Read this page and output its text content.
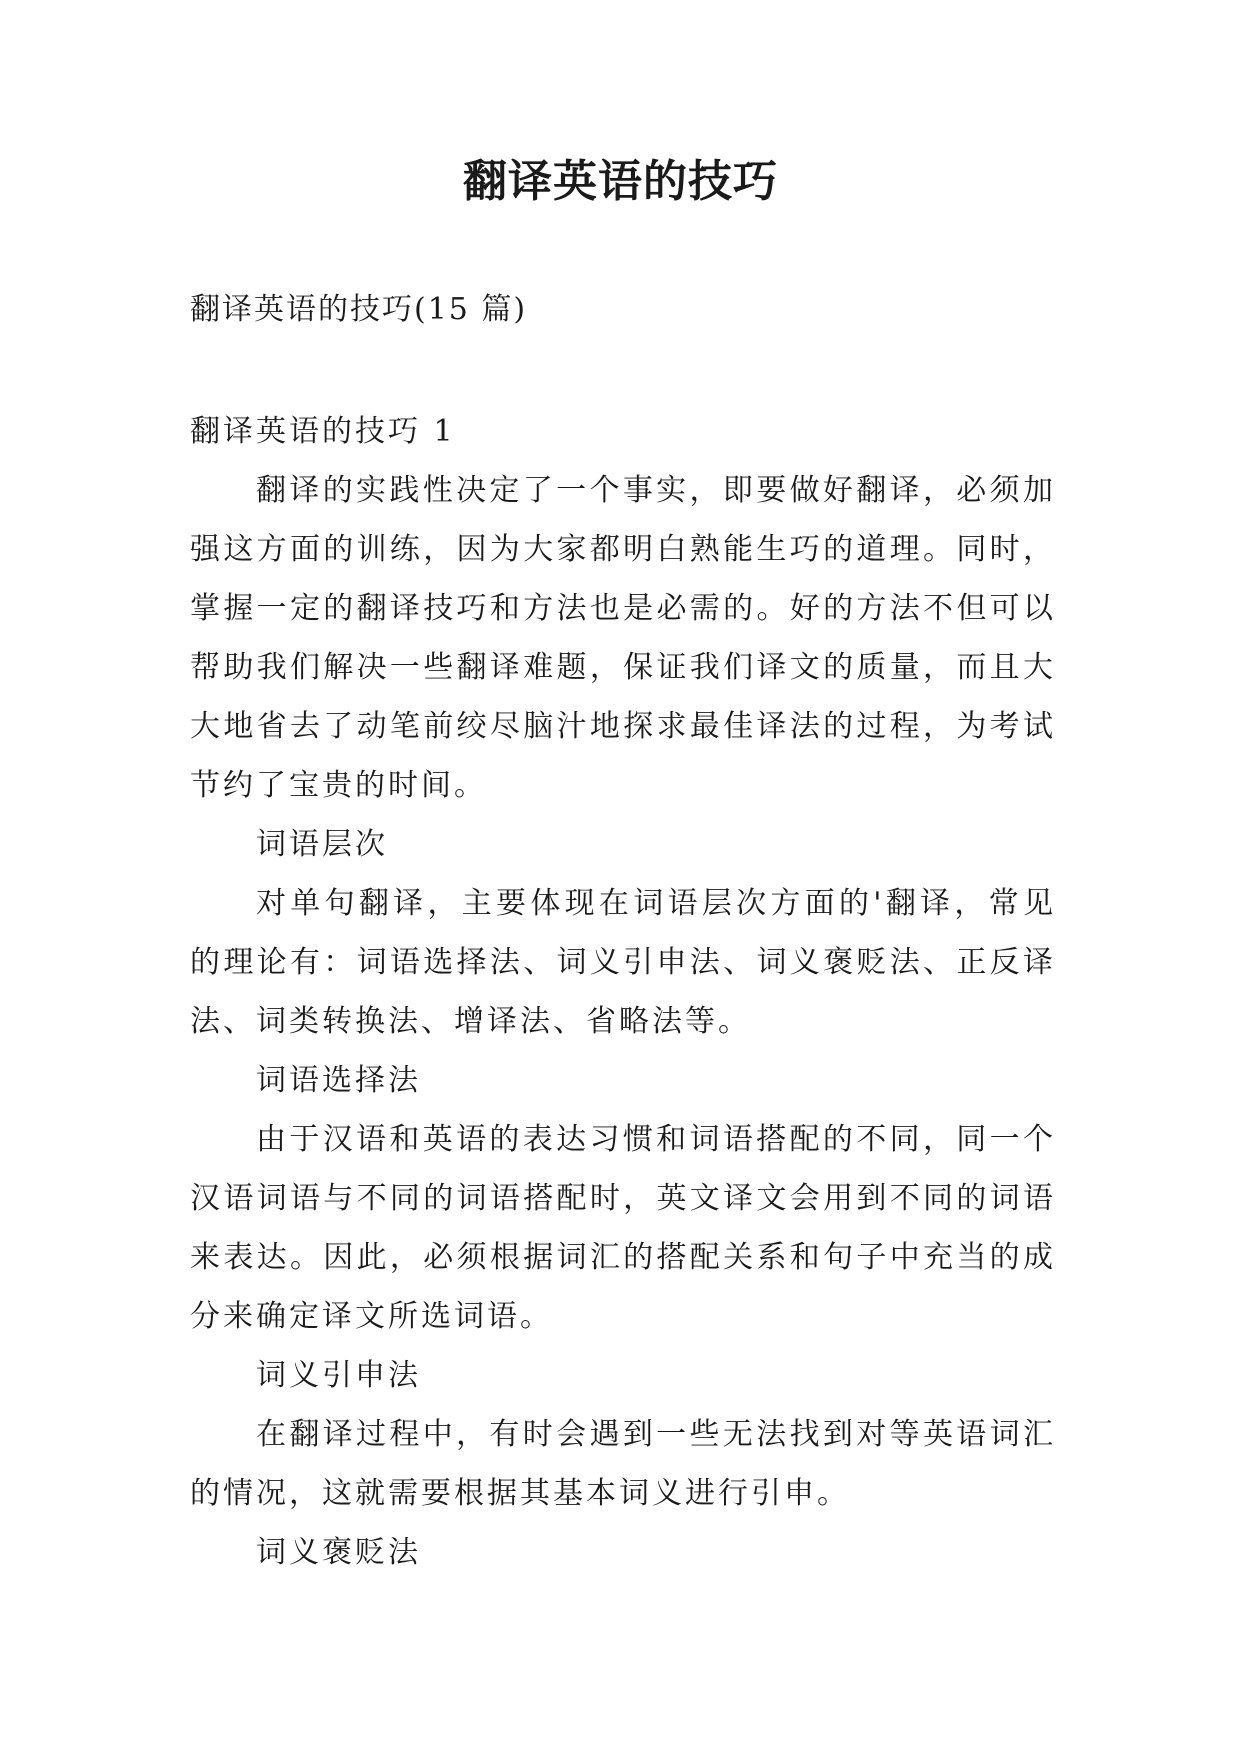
翻译英语的技巧
翻译英语的技巧(15 篇)

翻译英语的技巧 1

翻译的实践性决定了一个事实，即要做好翻译，必须加强这方面的训练，因为大家都明白熟能生巧的道理。同时，掌握一定的翻译技巧和方法也是必需的。好的方法不但可以帮助我们解决一些翻译难题，保证我们译文的质量，而且大大地省去了动笔前绞尽脑汁地探求最佳译法的过程，为考试节约了宝贵的时间。

词语层次

对单句翻译，主要体现在词语层次方面的'翻译，常见的理论有：词语选择法、词义引申法、词义褒贬法、正反译法、词类转换法、增译法、省略法等。

词语选择法

由于汉语和英语的表达习惯和词语搭配的不同，同一个汉语词语与不同的词语搭配时，英文译文会用到不同的词语来表达。因此，必须根据词汇的搭配关系和句子中充当的成分来确定译文所选词语。

词义引申法

在翻译过程中，有时会遇到一些无法找到对等英语词汇的情况，这就需要根据其基本词义进行引申。

词义褒贬法
